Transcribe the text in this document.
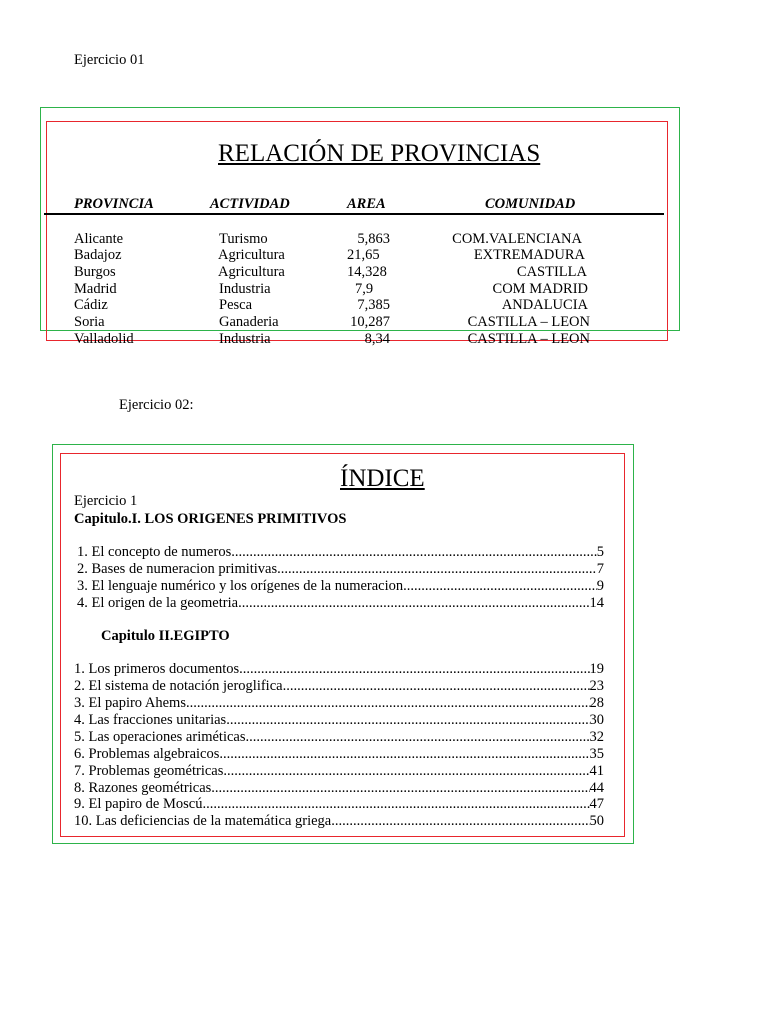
Ejercicio 01
RELACIÓN DE PROVINCIAS
PROVINCIA	ACTIVIDAD	AREA	COMUNIDAD
Alicante	Turismo	5,863	COM.VALENCIANA
Badajoz	Agricultura	21,65	EXTREMADURA
Burgos	Agricultura	14,328	CASTILLA
Madrid	Industria	7,9	COM MADRID
Cádiz	Pesca	7,385	ANDALUCIA
Soria	Ganaderia	10,287	CASTILLA – LEON
Valladolid	Industria	8,34	CASTILLA – LEON
Ejercicio 02:
ÍNDICE
Ejercicio 1
Capitulo.I. LOS ORIGENES PRIMITIVOS
1.
El concepto de numeros .....	5
2.
Bases de numeracion primitivas .....	7
3.
El lenguaje numérico y los orígenes de la numeracion .....	9
4.
El origen de la geometria .....	14
Capitulo II.EGIPTO
1.
Los primeros documentos .....	19
2.
El sistema de notación jeroglifica .....	23
3.
El papiro Ahems .....	28
4.
Las fracciones unitarias .....	30
5.
Las operaciones ariméticas .....	32
6.
Problemas algebraicos .....	35
7.
Problemas geométricas .....	41
8.
Razones geométricas .....	44
9.
El papiro de Moscú .....	47
10.
Las deficiencias de la matemática griega .....	50
